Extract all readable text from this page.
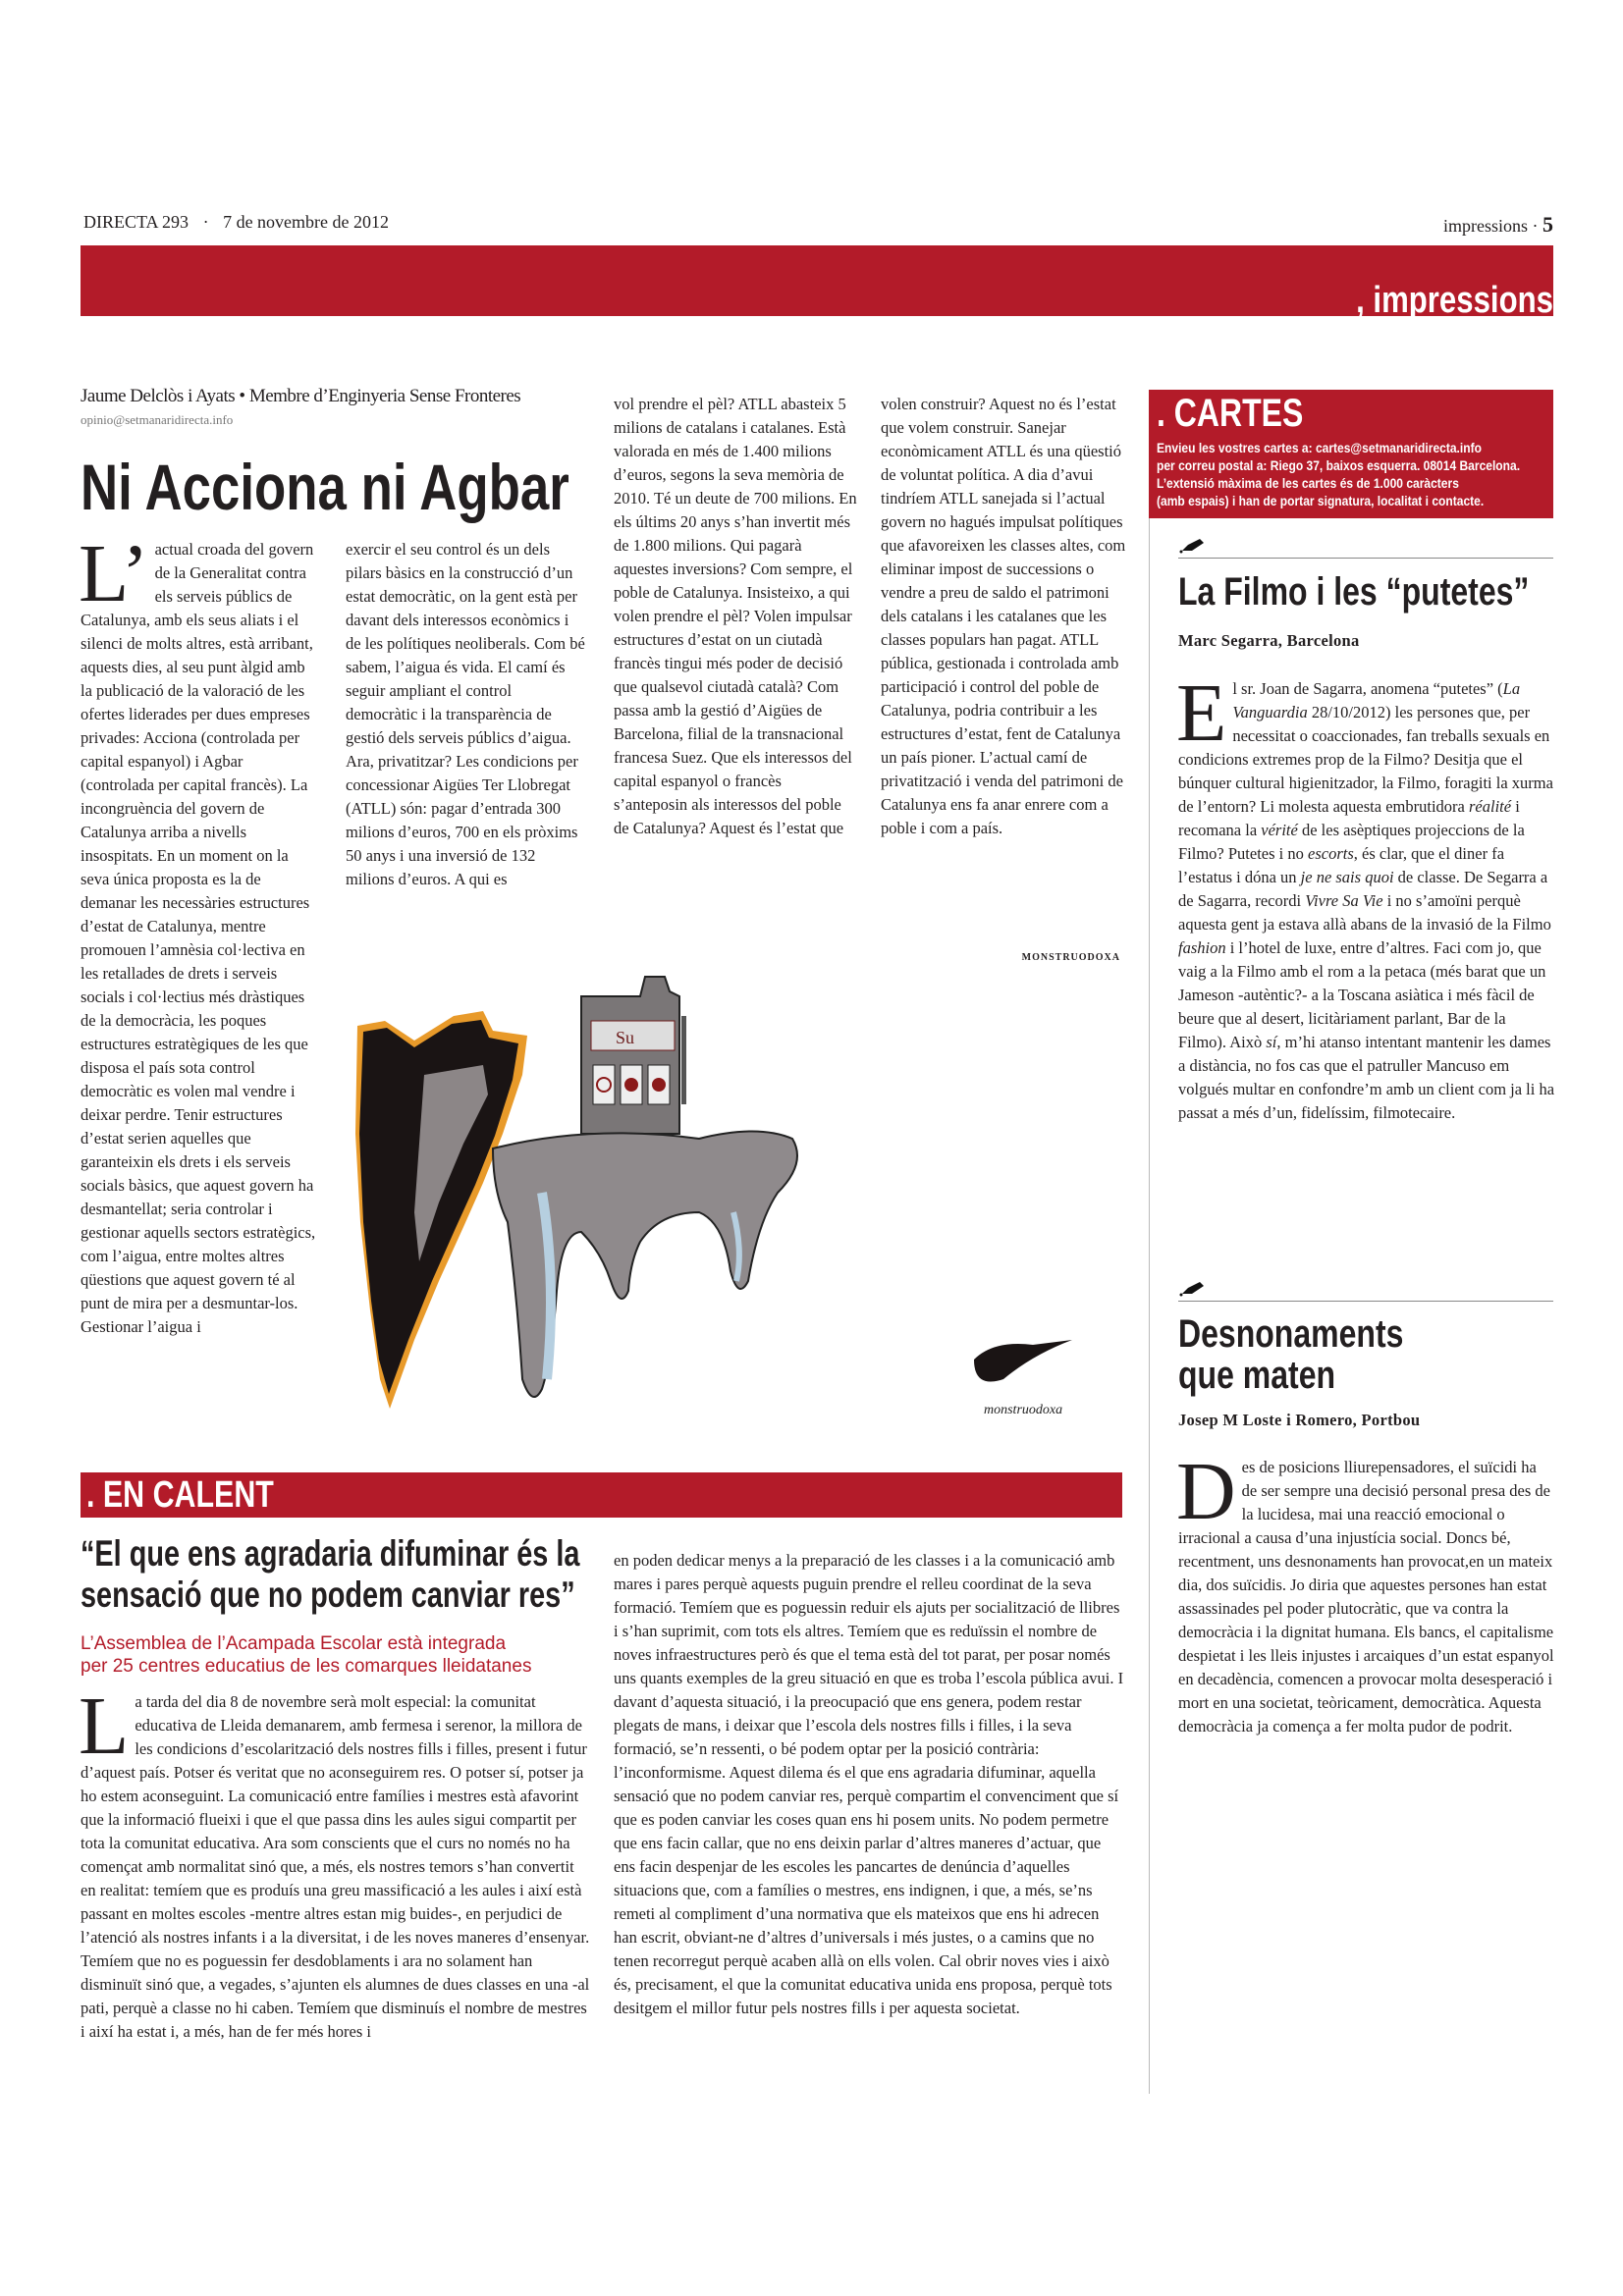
DIRECTA 293 · 7 de novembre de 2012	impressions · 5
, impressions
Jaume Delclòs i Ayats • Membre d’Enginyeria Sense Fronteres
opinio@setmanaridirecta.info
Ni Acciona ni Agbar

L’ actual croada del govern de la Generalitat contra els serveis públics de Catalunya, amb els seus aliats i el silenci de molts altres, està arribant, aquests dies, al seu punt àlgid amb la publicació de la valoració de les ofertes liderades per dues empreses privades: Acciona (controlada per capital espanyol) i Agbar (controlada per capital francès). La incongruència del govern de Catalunya arriba a nivells insospitats. En un moment on la seva única proposta es la de demanar les necessàries estructures d’estat de Catalunya, mentre promouen l’amnèsia col·lectiva en les retallades de drets i serveis socials i col·lectius més dràstiques de la democràcia, les poques estructures estratègiques de les que disposa el país sota control democràtic es volen mal vendre i deixar perdre. Tenir estructures d’estat serien aquelles que garanteixin els drets i els serveis socials bàsics, que aquest govern ha desmantellat; seria controlar i gestionar aquells sectors estratègics, com l’aigua, entre moltes altres qüestions que aquest govern té al punt de mira per a desmuntar-los. Gestionar l’aigua i

exercir el seu control és un dels pilars bàsics en la construcció d’un estat democràtic, on la gent està per davant dels interessos econòmics i de les polítiques neoliberals. Com bé sabem, l’aigua és vida. El camí és seguir ampliant el control democràtic i la transparència de gestió dels serveis públics d’aigua. Ara, privatitzar? Les condicions per concessionar Aigües Ter Llobregat (ATLL) són: pagar d’entrada 300 milions d’euros, 700 en els pròxims 50 anys i una inversió de 132 milions d’euros. A qui es
vol prendre el pèl? ATLL abasteix 5 milions de catalans i catalanes. Està valorada en més de 1.400 milions d’euros, segons la seva memòria de 2010. Té un deute de 700 milions. En els últims 20 anys s’han invertit més de 1.800 milions. Qui pagarà aquestes inversions? Com sempre, el poble de Catalunya. Insisteixo, a qui volen prendre el pèl? Volen impulsar estructures d’estat on un ciutadà francès tingui més poder de decisió que qualsevol ciutadà català? Com passa amb la gestió d’Aigües de Barcelona, filial de la transnacional francesa Suez. Que els interessos del capital espanyol o francès s’anteposin als interessos del poble de Catalunya? Aquest és l’estat que
volen construir? Aquest no és l’estat que volem construir. Sanejar econòmicament ATLL és una qüestió de voluntat política. A dia d’avui tindríem ATLL sanejada si l’actual govern no hagués impulsat polítiques que afavoreixen les classes altes, com eliminar impost de successions o vendre a preu de saldo el patrimoni dels catalans i les catalanes que les classes populars han pagat. ATLL pública, gestionada i controlada amb participació i control del poble de Catalunya, podria contribuir a les estructures d’estat, fent de Catalunya un país pioner. L’actual camí de privatització i venda del patrimoni de Catalunya ens fa anar enrere com a poble i com a país.
MONSTRUODOXA
Su
monstruodoxa
. CARTES
Envieu les vostres cartes a: cartes@setmanaridirecta.info
per correu postal a: Riego 37, baixos esquerra. 08014 Barcelona.
L’extensió màxima de les cartes és de 1.000 caràcters
(amb espais) i han de portar signatura, localitat i contacte.
La Filmo i les “putetes”
Marc Segarra, Barcelona

El sr. Joan de Sagarra, anomena “putetes” (La Vanguardia 28/10/2012) les persones que, per necessitat o coaccionades, fan treballs sexuals en condicions extremes prop de la Filmo? Desitja que el búnquer cultural higienitzador, la Filmo, foragiti la xurma de l’entorn? Li molesta aquesta embrutidora réalité i recomana la vérité de les asèptiques projeccions de la Filmo? Putetes i no escorts, és clar, que el diner fa l’estatus i dóna un je ne sais quoi de classe. De Segarra a de Sagarra, recordi Vivre Sa Vie i no s’amoïni perquè aquesta gent ja estava allà abans de la invasió de la Filmo fashion i l’hotel de luxe, entre d’altres. Faci com jo, que vaig a la Filmo amb el rom a la petaca (més barat que un Jameson -autèntic?- a la Toscana asiàtica i més fàcil de beure que al desert, licitàriament parlant, Bar de la Filmo). Això sí, m’hi atanso intentant mantenir les dames a distància, no fos cas que el patruller Mancuso em volgués multar en confondre’m amb un client com ja li ha passat a més d’un, fidelíssim, filmotecaire.

Desnonaments
que maten
Josep M Loste i Romero, Portbou

Des de posicions lliurepensadores, el suïcidi ha de ser sempre una decisió personal presa des de la lucidesa, mai una reacció emocional o irracional a causa d’una injustícia social. Doncs bé, recentment, uns desnonaments han provocat,en un mateix dia, dos suïcidis. Jo diria que aquestes persones han estat assassinades pel poder plutocràtic, que va contra la democràcia i la dignitat humana. Els bancs, el capitalisme despietat i les lleis injustes i arcaiques d’un estat espanyol en decadència, comencen a provocar molta desesperació i mort en una societat, teòricament, democràtica. Aquesta democràcia ja comença a fer molta pudor de podrit.

. EN CALENT
“El que ens agradaria difuminar és la
sensació que no podem canviar res”
L’Assemblea de l’Acampada Escolar està integrada
per 25 centres educatius de les comarques lleidatanes

La tarda del dia 8 de novembre serà molt especial: la comunitat educativa de Lleida demanarem, amb fermesa i serenor, la millora de les condicions d’escolarització dels nostres fills i filles, present i futur d’aquest país. Potser és veritat que no aconseguirem res. O potser sí, potser ja ho estem aconseguint. La comunicació entre famílies i mestres està afavorint que la informació flueixi i que el que passa dins les aules sigui compartit per tota la comunitat educativa. Ara som conscients que el curs no només no ha començat amb normalitat sinó que, a més, els nostres temors s’han convertit en realitat: temíem que es produís una greu massificació a les aules i així està passant en moltes escoles -mentre altres estan mig buides-, en perjudici de l’atenció als nostres infants i a la diversitat, i de les noves maneres d’ensenyar. Temíem que no es poguessin fer desdoblaments i ara no solament han disminuït sinó que, a vegades, s’ajunten els alumnes de dues classes en una -al pati, perquè a classe no hi caben. Temíem que disminuís el nombre de mestres i així ha estat i, a més, han de fer més hores i

en poden dedicar menys a la preparació de les classes i a la comunicació amb mares i pares perquè aquests puguin prendre el relleu coordinat de la seva formació. Temíem que es poguessin reduir els ajuts per socialització de llibres i s’han suprimit, com tots els altres. Temíem que es reduïssin el nombre de noves infraestructures però és que el tema està del tot parat, per posar només uns quants exemples de la greu situació en que es troba l’escola pública avui. I davant d’aquesta situació, i la preocupació que ens genera, podem restar plegats de mans, i deixar que l’escola dels nostres fills i filles, i la seva formació, se’n ressenti, o bé podem optar per la posició contrària: l’inconformisme. Aquest dilema és el que ens agradaria difuminar, aquella sensació que no podem canviar res, perquè compartim el convenciment que sí que es poden canviar les coses quan ens hi posem units. No podem permetre que ens facin callar, que no ens deixin parlar d’altres maneres d’actuar, que ens facin despenjar de les escoles les pancartes de denúncia d’aquelles situacions que, com a famílies o mestres, ens indignen, i que, a més, se’ns remeti al compliment d’una normativa que els mateixos que ens hi adrecen han escrit, obviant-ne d’altres d’universals i més justes, o a camins que no tenen recorregut perquè acaben allà on ells volen. Cal obrir noves vies i això és, precisament, el que la comunitat educativa unida ens proposa, perquè tots desitgem el millor futur pels nostres fills i per aquesta societat.
